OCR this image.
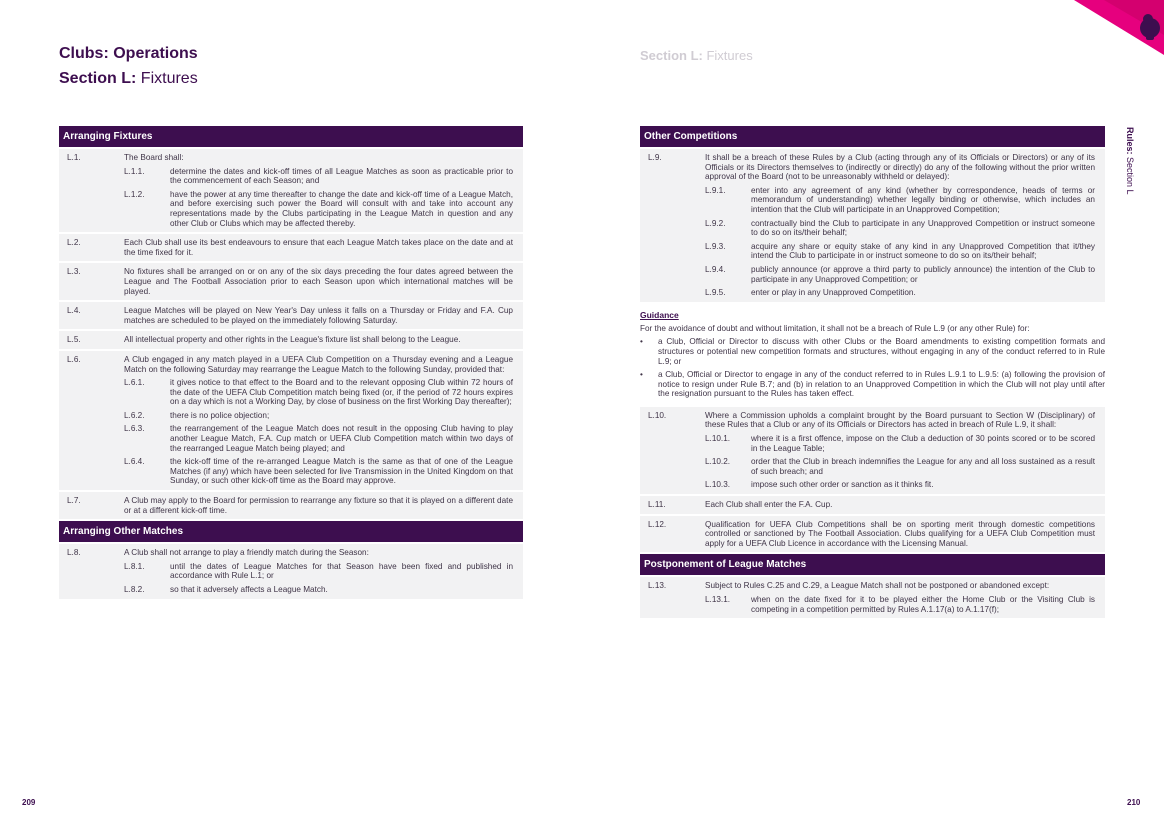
Clubs: Operations
Section L: Fixtures
Arranging Fixtures
L.1.	The Board shall:
L.1.1.	determine the dates and kick-off times of all League Matches as soon as practicable prior to the commencement of each Season; and
L.1.2.	have the power at any time thereafter to change the date and kick-off time of a League Match, and before exercising such power the Board will consult with and take into account any representations made by the Clubs participating in the League Match in question and any other Club or Clubs which may be affected thereby.
L.2.	Each Club shall use its best endeavours to ensure that each League Match takes place on the date and at the time fixed for it.
L.3.	No fixtures shall be arranged on or on any of the six days preceding the four dates agreed between the League and The Football Association prior to each Season upon which international matches will be played.
L.4.	League Matches will be played on New Year's Day unless it falls on a Thursday or Friday and F.A. Cup matches are scheduled to be played on the immediately following Saturday.
L.5.	All intellectual property and other rights in the League's fixture list shall belong to the League.
L.6.	A Club engaged in any match played in a UEFA Club Competition on a Thursday evening and a League Match on the following Saturday may rearrange the League Match to the following Sunday, provided that:
L.6.1.	it gives notice to that effect to the Board and to the relevant opposing Club within 72 hours of the date of the UEFA Club Competition match being fixed (or, if the period of 72 hours expires on a day which is not a Working Day, by close of business on the first Working Day thereafter);
L.6.2.	there is no police objection;
L.6.3.	the rearrangement of the League Match does not result in the opposing Club having to play another League Match, F.A. Cup match or UEFA Club Competition match within two days of the rearranged League Match being played; and
L.6.4.	the kick-off time of the re-arranged League Match is the same as that of one of the League Matches (if any) which have been selected for live Transmission in the United Kingdom on that Sunday, or such other kick-off time as the Board may approve.
L.7.	A Club may apply to the Board for permission to rearrange any fixture so that it is played on a different date or at a different kick-off time.
Arranging Other Matches
L.8.	A Club shall not arrange to play a friendly match during the Season:
L.8.1.	until the dates of League Matches for that Season have been fixed and published in accordance with Rule L.1; or
L.8.2.	so that it adversely affects a League Match.
209
Section L: Fixtures
Rules: Section L
Other Competitions
L.9.	It shall be a breach of these Rules by a Club (acting through any of its Officials or Directors) or any of its Officials or its Directors themselves to (indirectly or directly) do any of the following without the prior written approval of the Board (not to be unreasonably withheld or delayed):
L.9.1.	enter into any agreement of any kind (whether by correspondence, heads of terms or memorandum of understanding) whether legally binding or otherwise, which includes an intention that the Club will participate in an Unapproved Competition;
L.9.2.	contractually bind the Club to participate in any Unapproved Competition or instruct someone to do so on its/their behalf;
L.9.3.	acquire any share or equity stake of any kind in any Unapproved Competition that it/they intend the Club to participate in or instruct someone to do so on its/their behalf;
L.9.4.	publicly announce (or approve a third party to publicly announce) the intention of the Club to participate in any Unapproved Competition; or
L.9.5.	enter or play in any Unapproved Competition.
Guidance
For the avoidance of doubt and without limitation, it shall not be a breach of Rule L.9 (or any other Rule) for:
•	a Club, Official or Director to discuss with other Clubs or the Board amendments to existing competition formats and structures or potential new competition formats and structures, without engaging in any of the conduct referred to in Rule L.9; or
•	a Club, Official or Director to engage in any of the conduct referred to in Rules L.9.1 to L.9.5: (a) following the provision of notice to resign under Rule B.7; and (b) in relation to an Unapproved Competition in which the Club will not play until after the resignation pursuant to the Rules has taken effect.
L.10.	Where a Commission upholds a complaint brought by the Board pursuant to Section W (Disciplinary) of these Rules that a Club or any of its Officials or Directors has acted in breach of Rule L.9, it shall:
L.10.1.	where it is a first offence, impose on the Club a deduction of 30 points scored or to be scored in the League Table;
L.10.2.	order that the Club in breach indemnifies the League for any and all loss sustained as a result of such breach; and
L.10.3.	impose such other order or sanction as it thinks fit.
L.11.	Each Club shall enter the F.A. Cup.
L.12.	Qualification for UEFA Club Competitions shall be on sporting merit through domestic competitions controlled or sanctioned by The Football Association. Clubs qualifying for a UEFA Club Competition must apply for a UEFA Club Licence in accordance with the Licensing Manual.
Postponement of League Matches
L.13.	Subject to Rules C.25 and C.29, a League Match shall not be postponed or abandoned except:
L.13.1.	when on the date fixed for it to be played either the Home Club or the Visiting Club is competing in a competition permitted by Rules A.1.17(a) to A.1.17(f);
210
